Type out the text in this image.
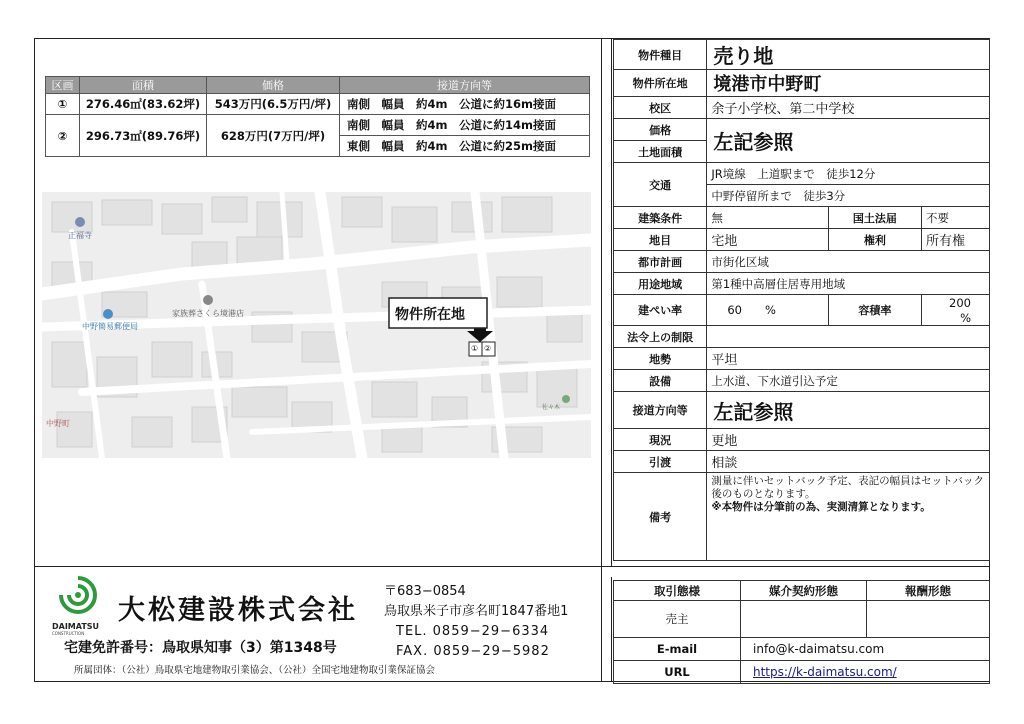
区画	面積	価格	接道方向等
①	276.46㎡(83.62坪)	543万円(6.5万円/坪)	南側　幅員　約4m　公道に約16m接面
②	296.73㎡(89.76坪)	628万円(7万円/坪)	南側　幅員　約4m　公道に約14m接面
			東側　幅員　約4m　公道に約25m接面
物件所在地
① ②
正福寺
中野簡易郵便局
家族葬さくら境港店
中野町
佐々木
物件種目	売り地		
物件所在地	境港市中野町		
校区	余子小学校、第二中学校		
価格	左記参照		
土地面積			
交通	JR境線　上道駅まで　徒歩12分		
	中野停留所まで　徒歩3分		
建築条件	無	国土法届	不要
地目	宅地	権利	所有権
都市計画	市街化区域		
用途地域	第1種中高層住居専用地域		
建ぺい率	60　　%	容積率	200　　%
法令上の制限			
地勢	平坦		
設備	上水道、下水道引込予定		
接道方向等	左記参照		
現況	更地		
引渡	相談		
備考	測量に伴いセットバック予定、表記の幅員はセットバック後のものとなります。
※本物件は分筆前の為、実測清算となります。		
DAIMATSU
CONSTRUCTION
大松建設株式会社
〒683−0854
鳥取県米子市彦名町1847番地1
TEL. 0859−29−6334
FAX. 0859−29−5982
宅建免許番号：鳥取県知事（3）第1348号
所属団体：（公社）鳥取県宅地建物取引業協会、（公社）全国宅地建物取引業保証協会
取引態様	媒介契約形態	報酬形態
売主		
E-mail	info@k-daimatsu.com	
URL	https://k-daimatsu.com/	
